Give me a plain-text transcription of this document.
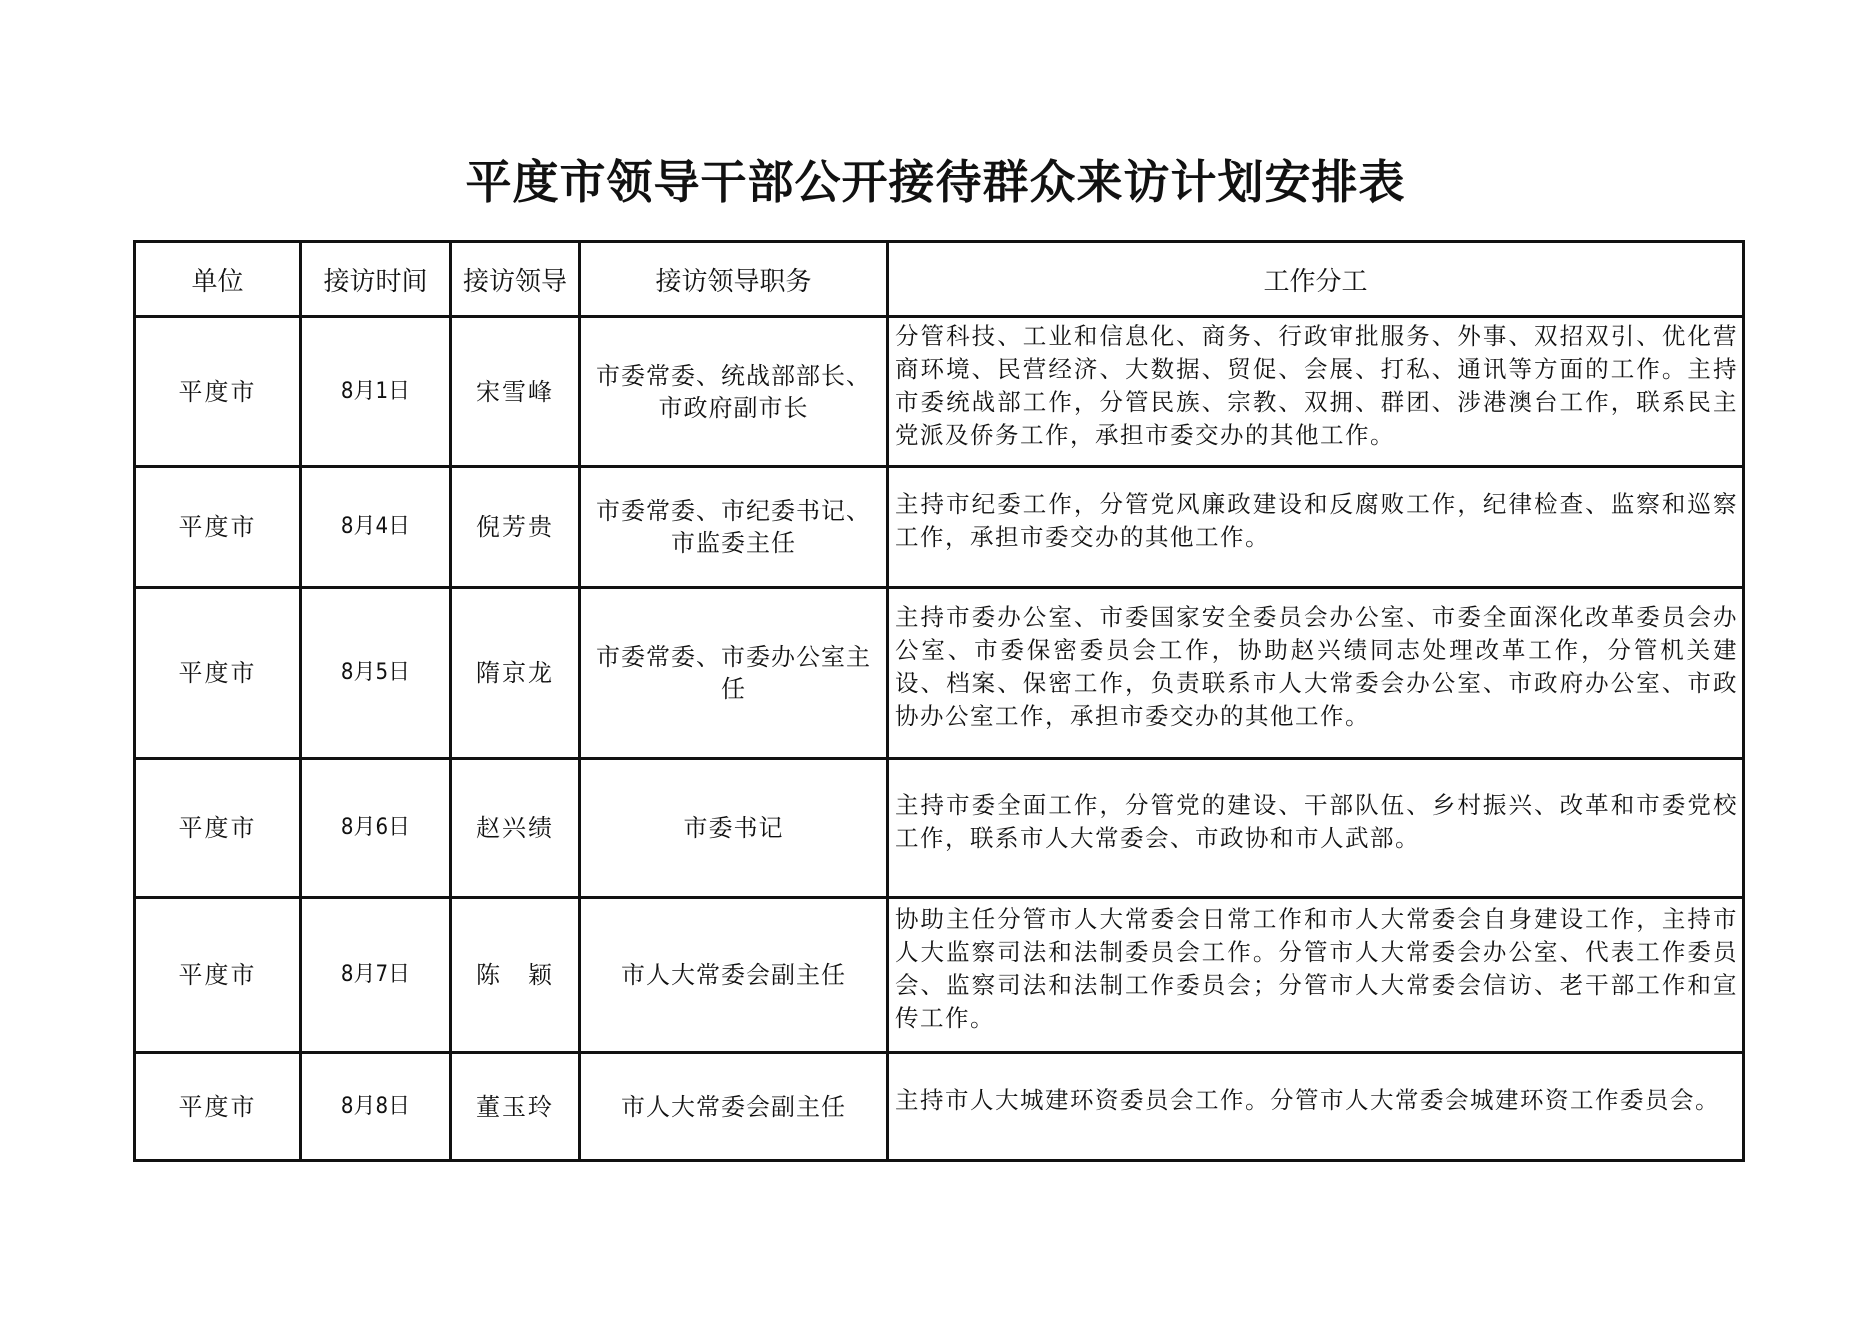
平度市领导干部公开接待群众来访计划安排表
单位	接访时间	接访领导	接访领导职务	工作分工
平度市	8月1日	宋雪峰	市委常委、统战部部长、市政府副市长	分管科技、工业和信息化、商务、行政审批服务、外事、双招双引、优化营商环境、民营经济、大数据、贸促、会展、打私、通讯等方面的工作。主持市委统战部工作，分管民族、宗教、双拥、群团、涉港澳台工作，联系民主党派及侨务工作，承担市委交办的其他工作。

平度市	8月4日	倪芳贵	市委常委、市纪委书记、市监委主任	主持市纪委工作，分管党风廉政建设和反腐败工作，纪律检查、监察和巡察工作，承担市委交办的其他工作。

平度市	8月5日	隋京龙	市委常委、市委办公室主任	主持市委办公室、市委国家安全委员会办公室、市委全面深化改革委员会办公室、市委保密委员会工作，协助赵兴绩同志处理改革工作，分管机关建设、档案、保密工作，负责联系市人大常委会办公室、市政府办公室、市政协办公室工作，承担市委交办的其他工作。

平度市	8月6日	赵兴绩	市委书记	主持市委全面工作，分管党的建设、干部队伍、乡村振兴、改革和市委党校工作，联系市人大常委会、市政协和市人武部。

平度市	8月7日	陈　颖	市人大常委会副主任	协助主任分管市人大常委会日常工作和市人大常委会自身建设工作，主持市人大监察司法和法制委员会工作。分管市人大常委会办公室、代表工作委员会、监察司法和法制工作委员会；分管市人大常委会信访、老干部工作和宣传工作。

平度市	8月8日	董玉玲	市人大常委会副主任	主持市人大城建环资委员会工作。分管市人大常委会城建环资工作委员会。
